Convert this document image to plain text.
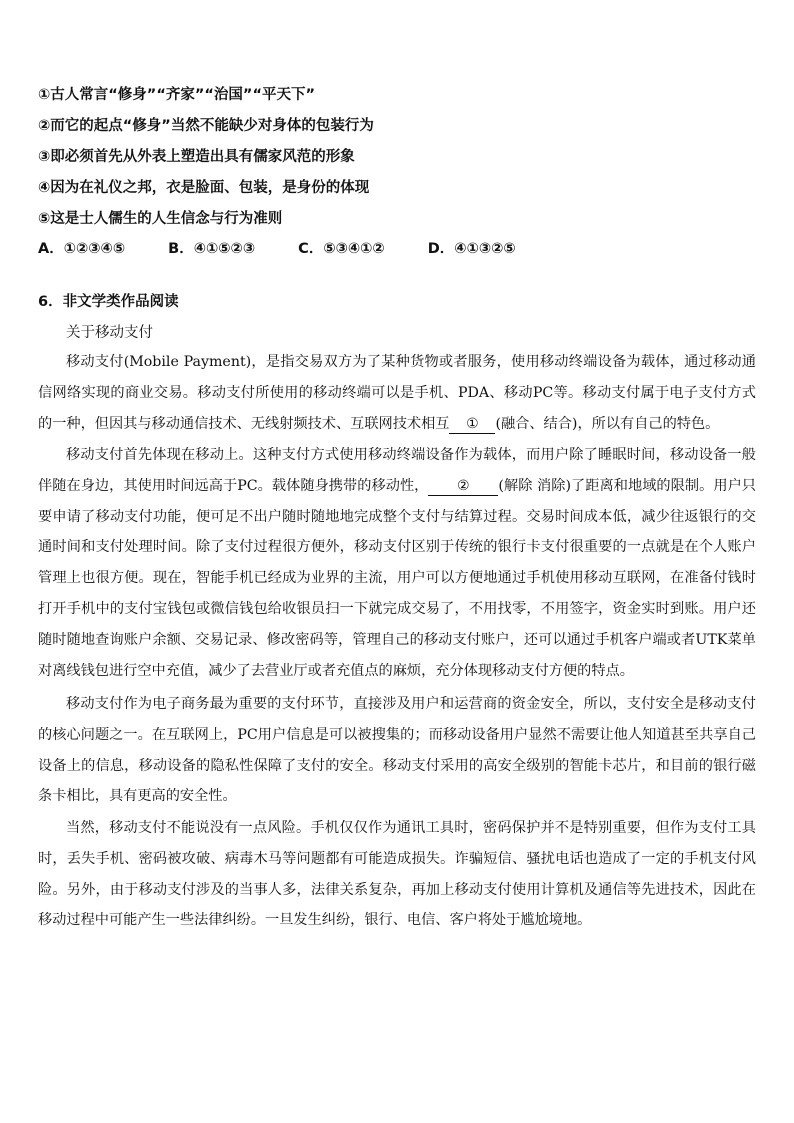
①古人常言“修身”“齐家”“治国”“平天下”
②而它的起点“修身”当然不能缺少对身体的包装行为
③即必须首先从外表上塑造出具有儒家风范的形象
④因为在礼仪之邦，衣是脸面、包装，是身份的体现
⑤这是士人儒生的人生信念与行为准则
A．①②③④⑤	B．④①⑤②③	C．⑤③④①②	D．④①③②⑤
6．非文学类作品阅读
关于移动支付

移动支付(Mobile Payment)，是指交易双方为了某种货物或者服务，使用移动终端设备为载体，通过移动通信网络实现的商业交易。移动支付所使用的移动终端可以是手机、PDA、移动PC等。移动支付属于电子支付方式的一种，但因其与移动通信技术、无线射频技术、互联网技术相互 ① (融合、结合)，所以有自己的特色。

移动支付首先体现在移动上。这种支付方式使用移动终端设备作为载体，而用户除了睡眠时间，移动设备一般伴随在身边，其使用时间远高于PC。载体随身携带的移动性， ② (解除 消除)了距离和地域的限制。用户只要申请了移动支付功能，便可足不出户随时随地地完成整个支付与结算过程。交易时间成本低，减少往返银行的交通时间和支付处理时间。除了支付过程很方便外，移动支付区别于传统的银行卡支付很重要的一点就是在个人账户管理上也很方便。现在，智能手机已经成为业界的主流，用户可以方便地通过手机使用移动互联网，在准备付钱时打开手机中的支付宝钱包或微信钱包给收银员扫一下就完成交易了，不用找零，不用签字，资金实时到账。用户还随时随地查询账户余额、交易记录、修改密码等，管理自己的移动支付账户，还可以通过手机客户端或者UTK菜单对离线钱包进行空中充值，减少了去营业厅或者充值点的麻烦，充分体现移动支付方便的特点。

移动支付作为电子商务最为重要的支付环节，直接涉及用户和运营商的资金安全，所以，支付安全是移动支付的核心问题之一。在互联网上，PC用户信息是可以被搜集的；而移动设备用户显然不需要让他人知道甚至共享自己设备上的信息，移动设备的隐私性保障了支付的安全。移动支付采用的高安全级别的智能卡芯片，和目前的银行磁条卡相比，具有更高的安全性。

当然，移动支付不能说没有一点风险。手机仅仅作为通讯工具时，密码保护并不是特别重要，但作为支付工具时，丢失手机、密码被攻破、病毒木马等问题都有可能造成损失。诈骗短信、骚扰电话也造成了一定的手机支付风险。另外，由于移动支付涉及的当事人多，法律关系复杂，再加上移动支付使用计算机及通信等先进技术，因此在移动过程中可能产生一些法律纠纷。一旦发生纠纷，银行、电信、客户将处于尴尬境地。
